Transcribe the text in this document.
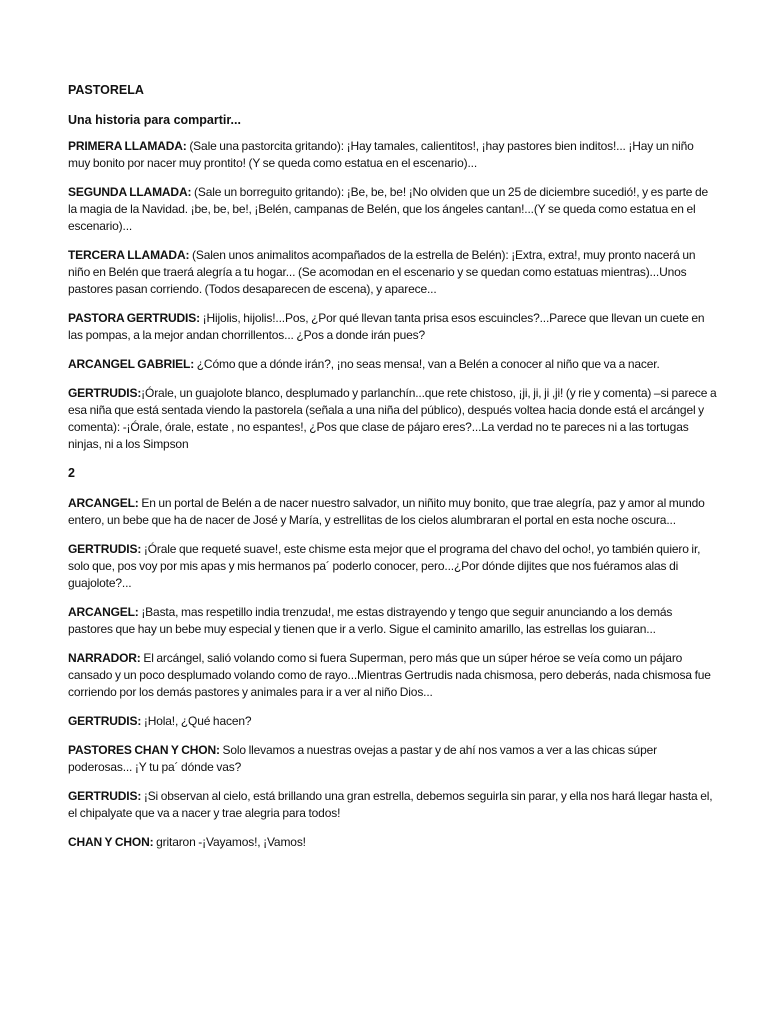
PASTORELA
Una historia para compartir...

PRIMERA LLAMADA: (Sale una pastorcita gritando): ¡Hay tamales, calientitos!, ¡hay pastores bien inditos!... ¡Hay un niño muy bonito por nacer muy prontito! (Y se queda como estatua en el escenario)...

SEGUNDA LLAMADA: (Sale un borreguito gritando): ¡Be, be, be! ¡No olviden que un 25 de diciembre sucedió!, y es parte de la magia de la Navidad. ¡be, be, be!, ¡Belén, campanas de Belén, que los ángeles cantan!...(Y se queda como estatua en el escenario)...

TERCERA LLAMADA: (Salen unos animalitos acompañados de la estrella de Belén): ¡Extra, extra!, muy pronto nacerá un niño en Belén que traerá alegría a tu hogar... (Se acomodan en el escenario y se quedan como estatuas mientras)...Unos pastores pasan corriendo. (Todos desaparecen de escena), y aparece...

PASTORA GERTRUDIS: ¡Hijolis, hijolis!...Pos, ¿Por qué llevan tanta prisa esos escuincles?...Parece que llevan un cuete en las pompas, a la mejor andan chorrillentos... ¿Pos a donde irán pues?

ARCANGEL GABRIEL: ¿Cómo que a dónde irán?, ¡no seas mensa!, van a Belén a conocer al niño que va a nacer.

GERTRUDIS:¡Órale, un guajolote blanco, desplumado y parlanchín...que rete chistoso, ¡ji, ji, ji ,ji! (y rie y comenta) –si parece a esa niña que está sentada viendo la pastorela (señala a una niña del público), después voltea hacia donde está el arcángel y comenta): -¡Órale, órale, estate , no espantes!, ¿Pos que clase de pájaro eres?...La verdad no te pareces ni a las tortugas ninjas, ni a los Simpson

2

ARCANGEL: En un portal de Belén a de nacer nuestro salvador, un niñito muy bonito, que trae alegría, paz y amor al mundo entero, un bebe que ha de nacer de José y María, y estrellitas de los cielos alumbraran el portal en esta noche oscura...

GERTRUDIS: ¡Órale que requeté suave!, este chisme esta mejor que el programa del chavo del ocho!, yo también quiero ir, solo que, pos voy por mis apas y mis hermanos pa´ poderlo conocer, pero...¿Por dónde dijites que nos fuéramos alas di guajolote?...

ARCANGEL: ¡Basta, mas respetillo india trenzuda!, me estas distrayendo y tengo que seguir anunciando a los demás pastores que hay un bebe muy especial y tienen que ir a verlo. Sigue el caminito amarillo, las estrellas los guiaran...

NARRADOR: El arcángel, salió volando como si fuera Superman, pero más que un súper héroe se veía como un pájaro cansado y un poco desplumado volando como de rayo...Mientras Gertrudis nada chismosa, pero deberás, nada chismosa fue corriendo por los demás pastores y animales para ir a ver al niño Dios...

GERTRUDIS: ¡Hola!, ¿Qué hacen?

PASTORES CHAN Y CHON: Solo llevamos a nuestras ovejas a pastar y de ahí nos vamos a ver a las chicas súper poderosas... ¡Y tu pa´ dónde vas?

GERTRUDIS: ¡Si observan al cielo, está brillando una gran estrella, debemos seguirla sin parar, y ella nos hará llegar hasta el, el chipalyate que va a nacer y trae alegria para todos!

CHAN Y CHON: gritaron -¡Vayamos!, ¡Vamos!
